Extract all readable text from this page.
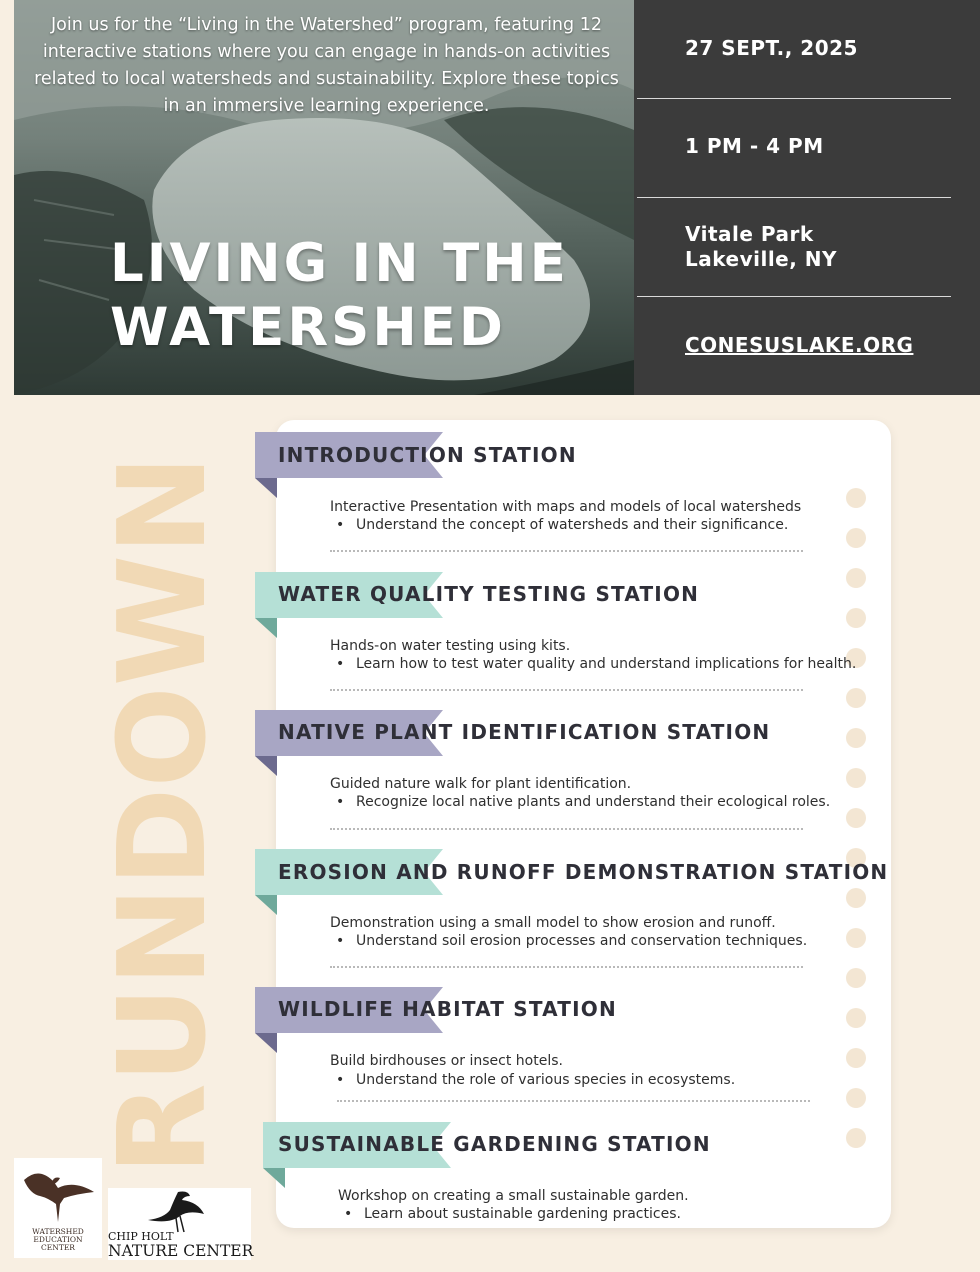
Join us for the “Living in the Watershed” program, featuring 12 interactive stations where you can engage in hands-on activities related to local watersheds and sustainability. Explore these topics in an immersive learning experience.
LIVING IN THE
WATERSHED
27 SEPT., 2025
1 PM - 4 PM
Vitale Park
Lakeville, NY
CONESUSLAKE.ORG
RUNDOWN INTRODUCTION STATION
Interactive Presentation with maps and models of local watersheds
• Understand the concept of watersheds and their significance.
WATER QUALITY TESTING STATION
Hands-on water testing using kits.
• Learn how to test water quality and understand implications for health.
NATIVE PLANT IDENTIFICATION STATION
Guided nature walk for plant identification.
• Recognize local native plants and understand their ecological roles.
EROSION AND RUNOFF DEMONSTRATION STATION
Demonstration using a small model to show erosion and runoff.
• Understand soil erosion processes and conservation techniques.
WILDLIFE HABITAT STATION
Build birdhouses or insect hotels.
• Understand the role of various species in ecosystems.
SUSTAINABLE GARDENING STATION
Workshop on creating a small sustainable garden.
• Learn about sustainable gardening practices.
WATERSHED
EDUCATION
CENTER
CHIP HOLT
NATURE CENTER
